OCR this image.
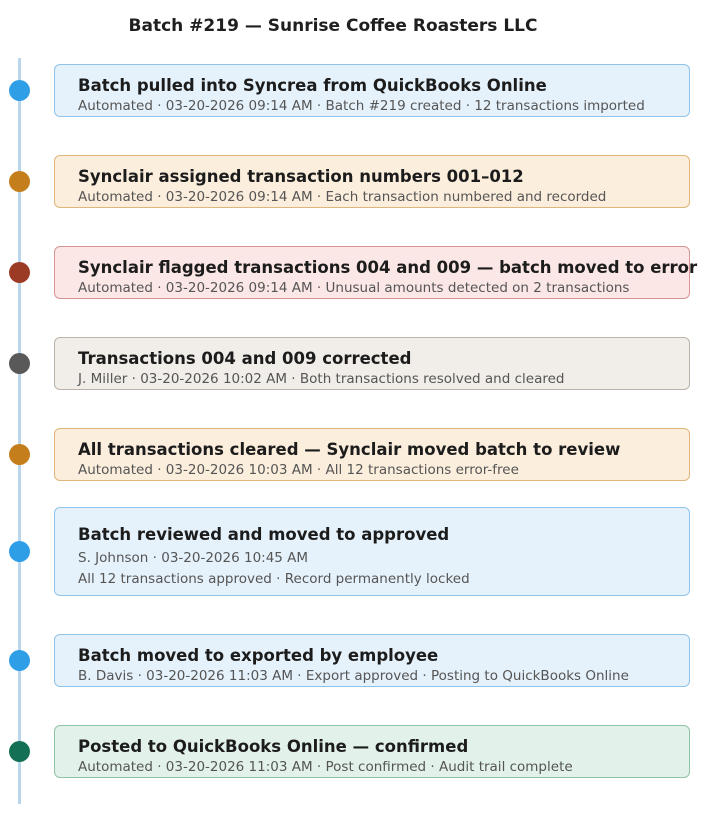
Batch #219 — Sunrise Coffee Roasters LLC
Batch pulled into Syncrea from QuickBooks Online
Automated · 03-20-2026 09:14 AM · Batch #219 created · 12 transactions imported
Synclair assigned transaction numbers 001–012
Automated · 03-20-2026 09:14 AM · Each transaction numbered and recorded
Synclair flagged transactions 004 and 009 — batch moved to error
Automated · 03-20-2026 09:14 AM · Unusual amounts detected on 2 transactions
Transactions 004 and 009 corrected
J. Miller · 03-20-2026 10:02 AM · Both transactions resolved and cleared
All transactions cleared — Synclair moved batch to review
Automated · 03-20-2026 10:03 AM · All 12 transactions error-free
Batch reviewed and moved to approved
S. Johnson · 03-20-2026 10:45 AM
All 12 transactions approved · Record permanently locked
Batch moved to exported by employee
B. Davis · 03-20-2026 11:03 AM · Export approved · Posting to QuickBooks Online
Posted to QuickBooks Online — confirmed
Automated · 03-20-2026 11:03 AM · Post confirmed · Audit trail complete
